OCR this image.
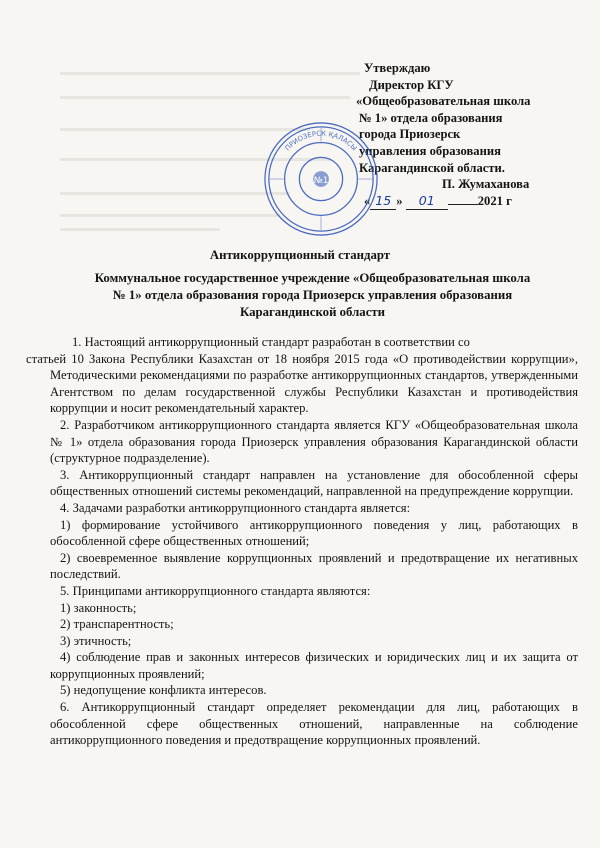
Утверждаю
Директор КГУ
«Общеобразовательная школа
№ 1» отдела образования
города Приозерск
управления образования
Карагандинской области.
П. Жумаханова
« 15 » 01	2021 г
№1
ПРИОЗЕРСК ҚАЛАСЫ
Антикоррупционный стандарт
Коммунальное государственное учреждение «Общеобразовательная школа
№ 1» отдела образования города Приозерск управления образования
Карагандинской области

1. Настоящий антикоррупционный стандарт разработан в соответствии со

статьей 10 Закона Республики Казахстан от 18 ноября 2015 года «О противодействии коррупции», Методическими рекомендациями по разработке антикоррупционных стандартов, утвержденными Агентством по делам государственной службы Республики Казахстан и противодействия коррупции и носит рекомендательный характер.

2. Разработчиком антикоррупционного стандарта является КГУ «Общеобразовательная школа № 1» отдела образования города Приозерск управления образования Карагандинской области (структурное подразделение).

3. Антикоррупционный стандарт направлен на установление для обособленной сферы общественных отношений системы рекомендаций, направленной на предупреждение коррупции.

4. Задачами разработки антикоррупционного стандарта является:

1) формирование устойчивого антикоррупционного поведения у лиц, работающих в обособленной сфере общественных отношений;

2) своевременное выявление коррупционных проявлений и предотвращение их негативных последствий.

5. Принципами антикоррупционного стандарта являются:

1) законность;

2) транспарентность;

3) этичность;

4) соблюдение прав и законных интересов физических и юридических лиц и их защита от коррупционных проявлений;

5) недопущение конфликта интересов.

6. Антикоррупционный стандарт определяет рекомендации для лиц, работающих в обособленной сфере общественных отношений, направленные на соблюдение антикоррупционного поведения и предотвращение коррупционных проявлений.
